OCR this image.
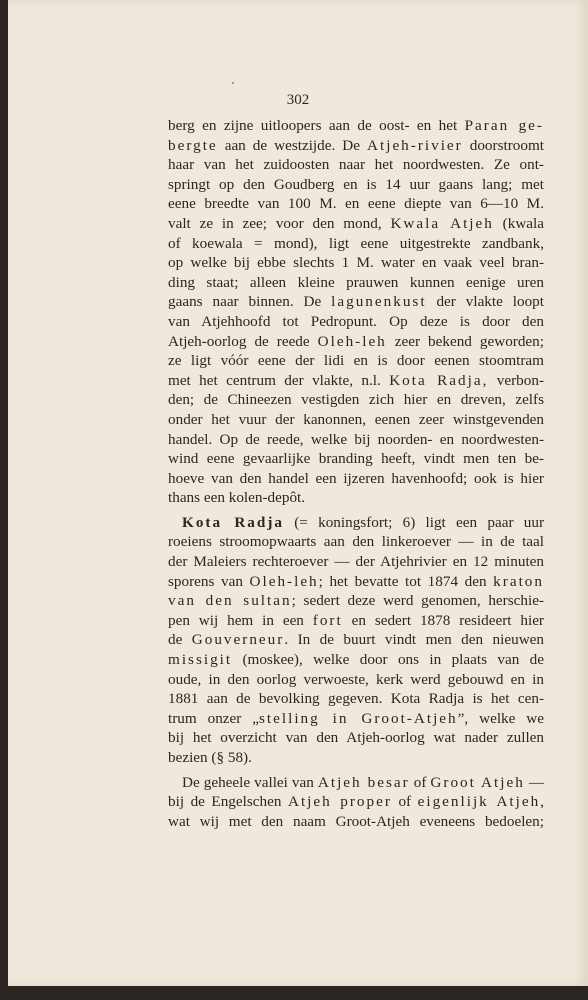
302
berg en zijne uitloopers aan de oost- en het Paran ge-
bergte aan de westzijde. De Atjeh-rivier doorstroomt
haar van het zuidoosten naar het noordwesten. Ze ont-
springt op den Goudberg en is 14 uur gaans lang; met
eene breedte van 100 M. en eene diepte van 6—10 M.
valt ze in zee; voor den mond, Kwala Atjeh (kwala
of koewala = mond), ligt eene uitgestrekte zandbank,
op welke bij ebbe slechts 1 M. water en vaak veel bran-
ding staat; alleen kleine prauwen kunnen eenige uren
gaans naar binnen. De lagunenkust der vlakte loopt
van Atjehhoofd tot Pedropunt. Op deze is door den
Atjeh-oorlog de reede Oleh-leh zeer bekend geworden;
ze ligt vóór eene der lidi en is door eenen stoomtram
met het centrum der vlakte, n.l. Kota Radja, verbon-
den; de Chineezen vestigden zich hier en dreven, zelfs
onder het vuur der kanonnen, eenen zeer winstgevenden
handel. Op de reede, welke bij noorden- en noordwesten-
wind eene gevaarlijke branding heeft, vindt men ten be-
hoeve van den handel een ijzeren havenhoofd; ook is hier
thans een kolen-depôt.
Kota Radja (= koningsfort; 6) ligt een paar uur
roeiens stroomopwaarts aan den linkeroever — in de taal
der Maleiers rechteroever — der Atjehrivier en 12 minuten
sporens van Oleh-leh; het bevatte tot 1874 den kraton
van den sultan; sedert deze werd genomen, herschie-
pen wij hem in een fort en sedert 1878 resideert hier
de Gouverneur. In de buurt vindt men den nieuwen
missigit (moskee), welke door ons in plaats van de
oude, in den oorlog verwoeste, kerk werd gebouwd en in
1881 aan de bevolking gegeven. Kota Radja is het cen-
trum onzer „stelling in Groot-Atjeh”, welke we
bij het overzicht van den Atjeh-oorlog wat nader zullen
bezien (§ 58).
De geheele vallei van Atjeh besar of Groot Atjeh —
bij de Engelschen Atjeh proper of eigenlijk Atjeh,
wat wij met den naam Groot-Atjeh eveneens bedoelen;
